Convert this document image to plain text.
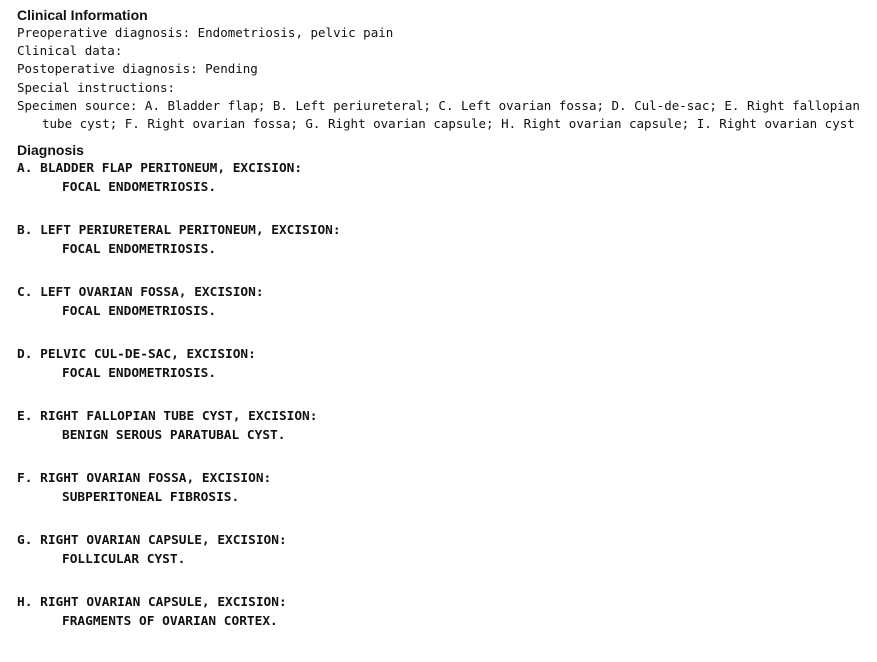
Clinical Information
Preoperative diagnosis: Endometriosis, pelvic pain
Clinical data:
Postoperative diagnosis: Pending
Special instructions:
Specimen source: A. Bladder flap; B. Left periureteral; C. Left ovarian fossa; D. Cul-de-sac; E. Right fallopian tube cyst; F. Right ovarian fossa; G. Right ovarian capsule; H. Right ovarian capsule; I. Right ovarian cyst
Diagnosis
A. BLADDER FLAP PERITONEUM, EXCISION:
FOCAL ENDOMETRIOSIS.
B. LEFT PERIURETERAL PERITONEUM, EXCISION:
FOCAL ENDOMETRIOSIS.
C. LEFT OVARIAN FOSSA, EXCISION:
FOCAL ENDOMETRIOSIS.
D. PELVIC CUL-DE-SAC, EXCISION:
FOCAL ENDOMETRIOSIS.
E. RIGHT FALLOPIAN TUBE CYST, EXCISION:
BENIGN SEROUS PARATUBAL CYST.
F. RIGHT OVARIAN FOSSA, EXCISION:
SUBPERITONEAL FIBROSIS.
G. RIGHT OVARIAN CAPSULE, EXCISION:
FOLLICULAR CYST.
H. RIGHT OVARIAN CAPSULE, EXCISION:
FRAGMENTS OF OVARIAN CORTEX.
